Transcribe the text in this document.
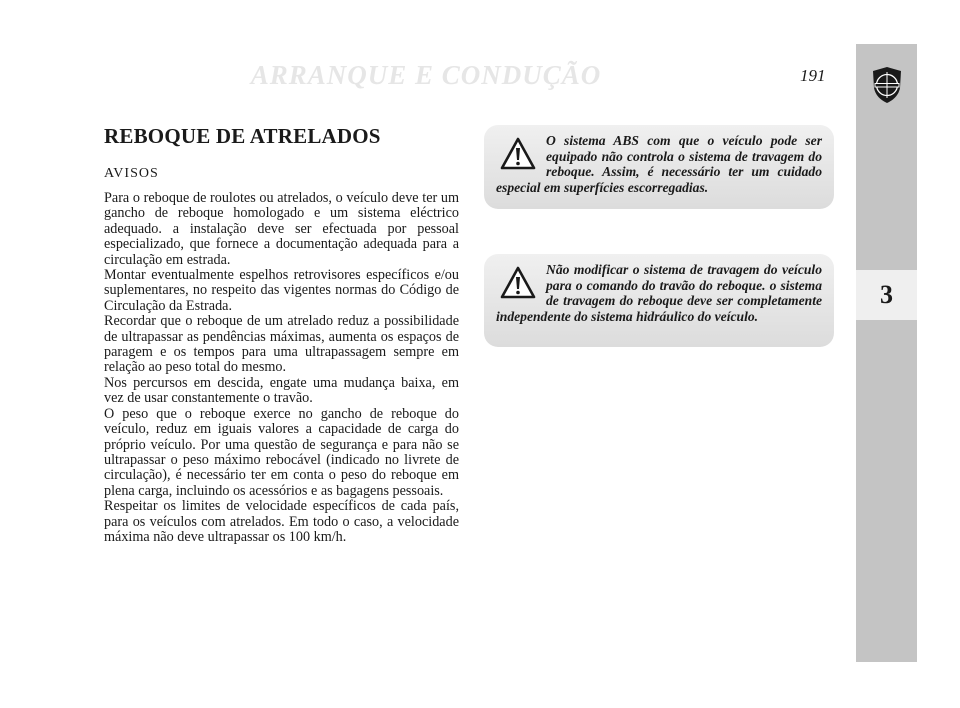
ARRANQUE E CONDUÇÃO	191
3
REBOQUE DE ATRELADOS
AVISOS

Para o reboque de roulotes ou atrelados, o veículo deve ter um gancho de reboque homologado e um sistema eléctrico adequado. a instalação deve ser efectuada por pessoal especializado, que fornece a documentação adequada para a circulação em estrada.

Montar eventualmente espelhos retrovisores específicos e/ou suplementares, no respeito das vigentes normas do Código de Circulação da Estrada.

Recordar que o reboque de um atrelado reduz a possibilidade de ultrapassar as pendências máximas, aumenta os espaços de paragem e os tempos para uma ultrapassagem sempre em relação ao peso total do mesmo.

Nos percursos em descida, engate uma mudança baixa, em vez de usar constantemente o travão.

O peso que o reboque exerce no gancho de reboque do veículo, reduz em iguais valores a capacidade de carga do próprio veículo. Por uma questão de segurança e para não se ultrapassar o peso máximo rebocável (indicado no livrete de circulação), é necessário ter em conta o peso do reboque em plena carga, incluindo os acessórios e as bagagens pessoais.

Respeitar os limites de velocidade específicos de cada país, para os veículos com atrelados. Em todo o caso, a velocidade máxima não deve ultrapassar os 100 km/h.

O sistema ABS com que o veículo pode ser equipado não controla o sistema de travagem do reboque. Assim, é necessário ter um cuidado especial em superfícies escorregadias.
Não modificar o sistema de travagem do veículo para o comando do travão do reboque. o sistema de travagem do reboque deve ser completamente independente do sistema hidráulico do veículo.
